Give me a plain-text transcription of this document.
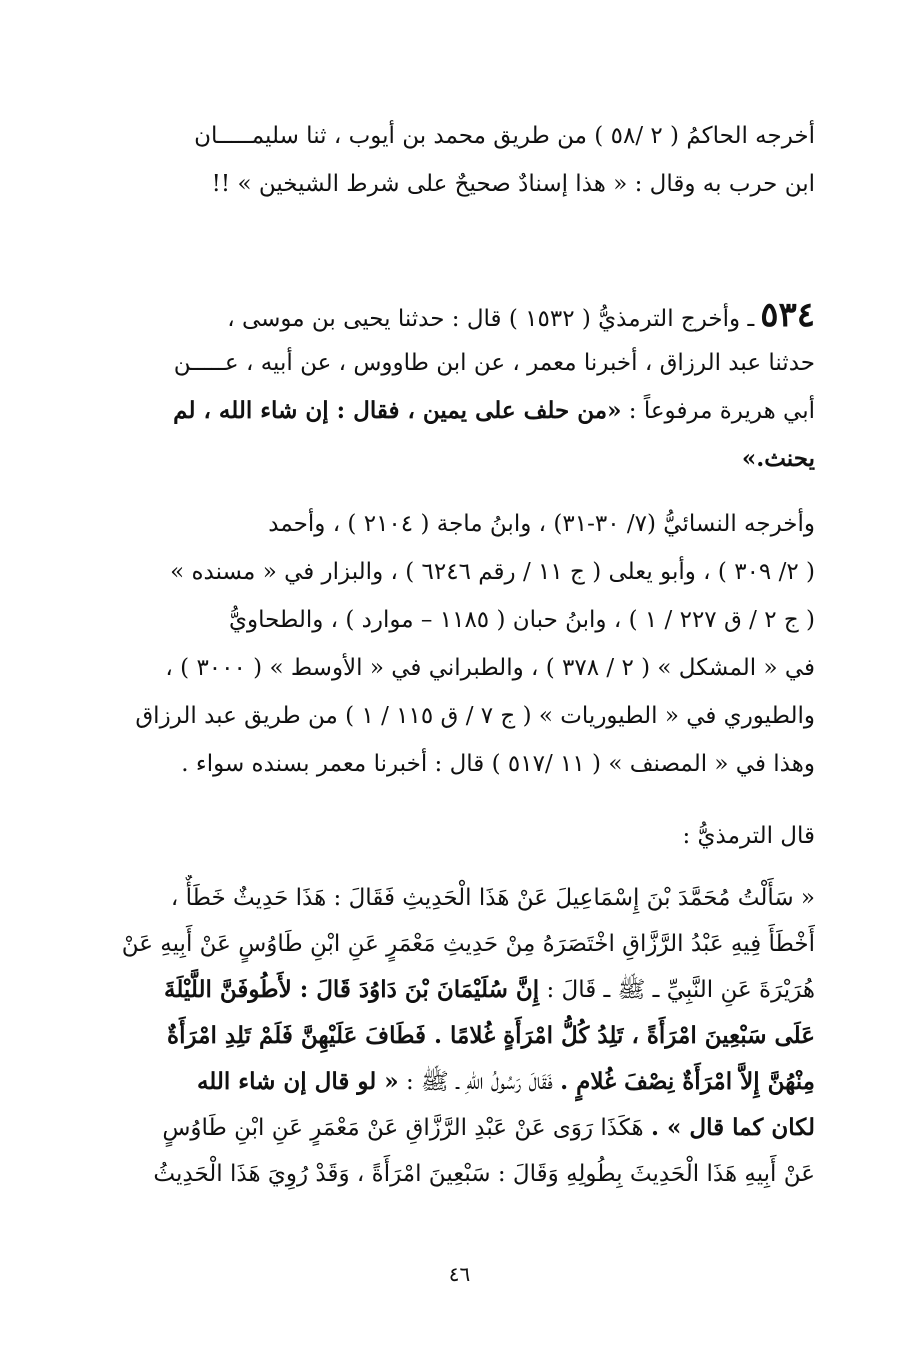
أخرجه الحاكمُ ( ٢ /٥٨ ) من طريق محمد بن أيوب ، ثنا سليمـــــان
ابن حرب به وقال : « هذا إسنادٌ صحيحٌ على شرط الشيخين » !!
٥٣٤ـ وأخرج الترمذيُّ ( ١٥٣٢ ) قال : حدثنا يحيى بن موسى ،
حدثنا عبد الرزاق ، أخبرنا معمر ، عن ابن طاووس ، عن أبيه ، عـــــن
أبي هريرة مرفوعاً : «من حلف على يمين ، فقال : إن شاء الله ، لم
يحنث.»
وأخرجه النسائيُّ (٧/ ٣٠-٣١) ، وابنُ ماجة ( ٢١٠٤ ) ، وأحمد
( ٢/ ٣٠٩ ) ، وأبو يعلى ( ج ١١ / رقم ٦٢٤٦ ) ، والبزار في « مسنده »
( ج ٢ / ق ٢٢٧ / ١ ) ، وابنُ حبان ( ١١٨٥ – موارد ) ، والطحاويُّ
في « المشكل » ( ٢ / ٣٧٨ ) ، والطبراني في « الأوسط » ( ٣٠٠٠ ) ،
والطيوري في « الطيوريات » ( ج ٧ / ق ١١٥ / ١ ) من طريق عبد الرزاق
وهذا في « المصنف » ( ١١ /٥١٧ ) قال : أخبرنا معمر بسنده سواء .
قال الترمذيُّ :
« سَأَلْتُ مُحَمَّدَ بْنَ إِسْمَاعِيلَ عَنْ هَذَا الْحَدِيثِ فَقَالَ : هَذَا حَدِيثٌ خَطَأٌ ،
أَخْطَأَ فِيهِ عَبْدُ الرَّزَّاقِ اخْتَصَرَهُ مِنْ حَدِيثِ مَعْمَرٍ عَنِ ابْنِ طَاوُسٍ عَنْ أَبِيهِ عَنْ
هُرَيْرَةَ عَنِ النَّبِيِّ ـ ﷺ ـ قَالَ : إِنَّ سُلَيْمَانَ بْنَ دَاوُدَ قَالَ : لأَطُوفَنَّ اللَّيْلَةَ
عَلَى سَبْعِينَ امْرَأَةً ، تَلِدُ كُلُّ امْرَأَةٍ غُلامًا . فَطَافَ عَلَيْهِنَّ فَلَمْ تَلِدِ امْرَأَةٌ
مِنْهُنَّ إِلاَّ امْرَأَةٌ نِصْفَ غُلامٍ . فَقَالَ رَسُولُ اللهِ ـ ﷺ : « لو قال إن شاء الله
لكان كما قال » . هَكَذَا رَوَى عَنْ عَبْدِ الرَّزَّاقِ عَنْ مَعْمَرٍ عَنِ ابْنِ طَاوُسٍ
عَنْ أَبِيهِ هَذَا الْحَدِيثَ بِطُولِهِ وَقَالَ : سَبْعِينَ امْرَأَةً ، وَقَدْ رُوِيَ هَذَا الْحَدِيثُ
٤٦
